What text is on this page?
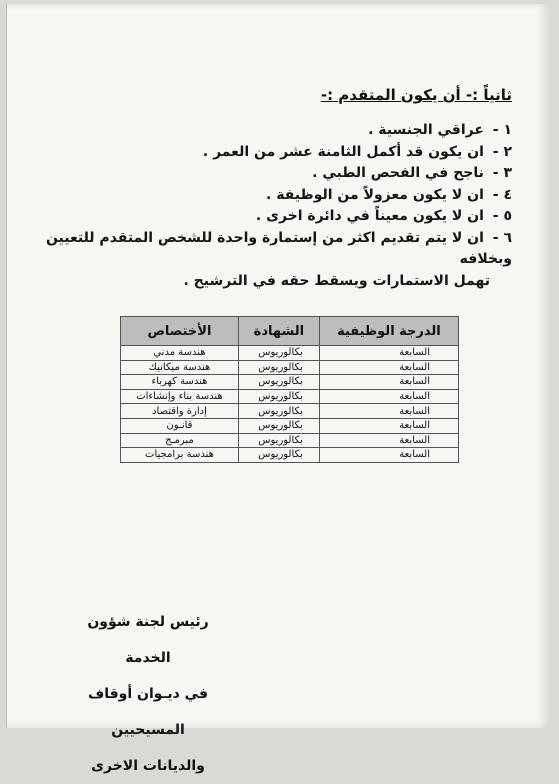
ثانياً :- أن يكون المتقدم :-
١ - عراقي الجنسية .
٢ - ان يكون قد أكمل الثامنة عشر من العمر .
٣ - ناجح في الفحص الطبي .
٤ - ان لا يكون معزولاً من الوظيفة .
٥ - ان لا يكون معيناً في دائرة اخرى .
٦ - ان لا يتم تقديم اكثر من إستمارة واحدة للشخص المتقدم للتعيين وبخلافه
تهمل الاستمارات ويسقط حقه في الترشيح .
الدرجة الوظيفية	الشهادة	الأختصاص
السابعة	بكالوريوس	هندسة مدني
السابعة	بكالوريوس	هندسة ميكانيك
السابعة	بكالوريوس	هندسة كهرباء
السابعة	بكالوريوس	هندسة بناء وإنشاءات
السابعة	بكالوريوس	إدارة واقتصاد
السابعة	بكالوريوس	قانـون
السابعة	بكالوريوس	مبرمـج
السابعة	بكالوريوس	هندسة برامجيات
رئيس لجنة شؤون الخدمة
في ديـوان أوقاف المسيحيين
والديانات الاخرى
